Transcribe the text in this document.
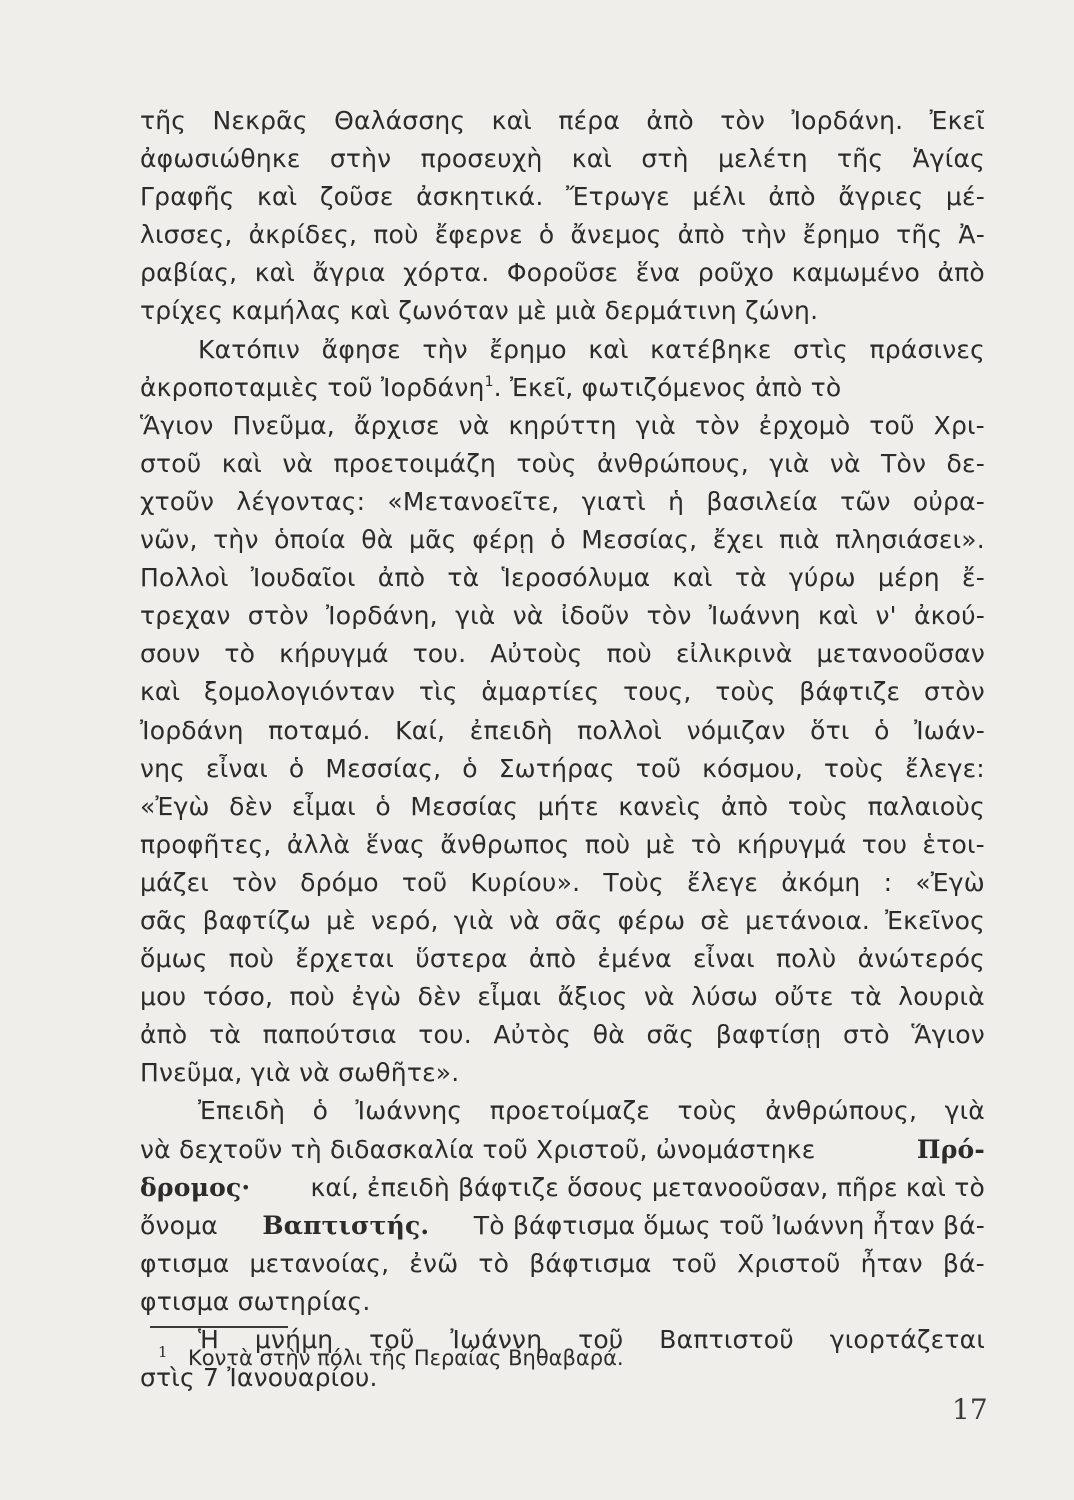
τῆς Νεκρᾶς Θαλάσσης καὶ πέρα ἀπὸ τὸν Ἰορδάνη. Ἐκεῖ
ἀφωσιώθηκε στὴν προσευχὴ καὶ στὴ μελέτη τῆς Ἁγίας
Γραφῆς καὶ ζοῦσε ἀσκητικά. Ἔτρωγε μέλι ἀπὸ ἄγριες μέ-
λισσες, ἀκρίδες, ποὺ ἔφερνε ὁ ἄνεμος ἀπὸ τὴν ἔρημο τῆς Ἀ-
ραβίας, καὶ ἄγρια χόρτα. Φοροῦσε ἕνα ροῦχο καμωμένο ἀπὸ
τρίχες καμήλας καὶ ζωνόταν μὲ μιὰ δερμάτινη ζώνη.
Κατόπιν ἄφησε τὴν ἔρημο καὶ κατέβηκε στὶς πράσινες
ἀκροποταμιὲς τοῦ Ἰορδάνη1. Ἐκεῖ, φωτιζόμενος ἀπὸ τὸ
Ἅγιον Πνεῦμα, ἄρχισε νὰ κηρύττη γιὰ τὸν ἐρχομὸ τοῦ Χρι-
στοῦ καὶ νὰ προετοιμάζη τοὺς ἀνθρώπους, γιὰ νὰ Τὸν δε-
χτοῦν λέγοντας: «Μετανοεῖτε, γιατὶ ἡ βασιλεία τῶν οὐρα-
νῶν, τὴν ὁποία θὰ μᾶς φέρῃ ὁ Μεσσίας, ἔχει πιὰ πλησιάσει».
Πολλοὶ Ἰουδαῖοι ἀπὸ τὰ Ἱεροσόλυμα καὶ τὰ γύρω μέρη ἔ-
τρεχαν στὸν Ἰορδάνη, γιὰ νὰ ἰδοῦν τὸν Ἰωάννη καὶ ν' ἀκού-
σουν τὸ κήρυγμά του. Αὐτοὺς ποὺ εἰλικρινὰ μετανοοῦσαν
καὶ ξομολογιόνταν τὶς ἁμαρτίες τους, τοὺς βάφτιζε στὸν
Ἰορδάνη ποταμό. Καί, ἐπειδὴ πολλοὶ νόμιζαν ὅτι ὁ Ἰωάν-
νης εἶναι ὁ Μεσσίας, ὁ Σωτήρας τοῦ κόσμου, τοὺς ἔλεγε:
«Ἐγὼ δὲν εἶμαι ὁ Μεσσίας μήτε κανεὶς ἀπὸ τοὺς παλαιοὺς
προφῆτες, ἀλλὰ ἕνας ἄνθρωπος ποὺ μὲ τὸ κήρυγμά του ἑτοι-
μάζει τὸν δρόμο τοῦ Κυρίου». Τοὺς ἔλεγε ἀκόμη : «Ἐγὼ
σᾶς βαφτίζω μὲ νερό, γιὰ νὰ σᾶς φέρω σὲ μετάνοια. Ἐκεῖνος
ὅμως ποὺ ἔρχεται ὕστερα ἀπὸ ἐμένα εἶναι πολὺ ἀνώτερός
μου τόσο, ποὺ ἐγὼ δὲν εἶμαι ἄξιος νὰ λύσω οὔτε τὰ λουριὰ
ἀπὸ τὰ παπούτσια του. Αὐτὸς θὰ σᾶς βαφτίσῃ στὸ Ἅγιον
Πνεῦμα, γιὰ νὰ σωθῆτε».
Ἐπειδὴ ὁ Ἰωάννης προετοίμαζε τοὺς ἀνθρώπους, γιὰ
νὰ δεχτοῦν τὴ διδασκαλία τοῦ Χριστοῦ, ὠνομάστηκε	Πρό-
δρομος· καί, ἐπειδὴ βάφτιζε ὅσους μετανοοῦσαν, πῆρε καὶ τὸ
ὄνομα Βαπτιστής. Τὸ βάφτισμα ὅμως τοῦ Ἰωάννη ἦταν βά-
φτισμα μετανοίας, ἐνῶ τὸ βάφτισμα τοῦ Χριστοῦ ἦταν βά-
φτισμα σωτηρίας.
Ἡ μνήμη τοῦ Ἰωάννη τοῦ Βαπτιστοῦ γιορτάζεται
στὶς 7 Ἰανουαρίου.
1 Κοντὰ στὴν πόλι τῆς Περαίας Βηθαβαρά.
17
